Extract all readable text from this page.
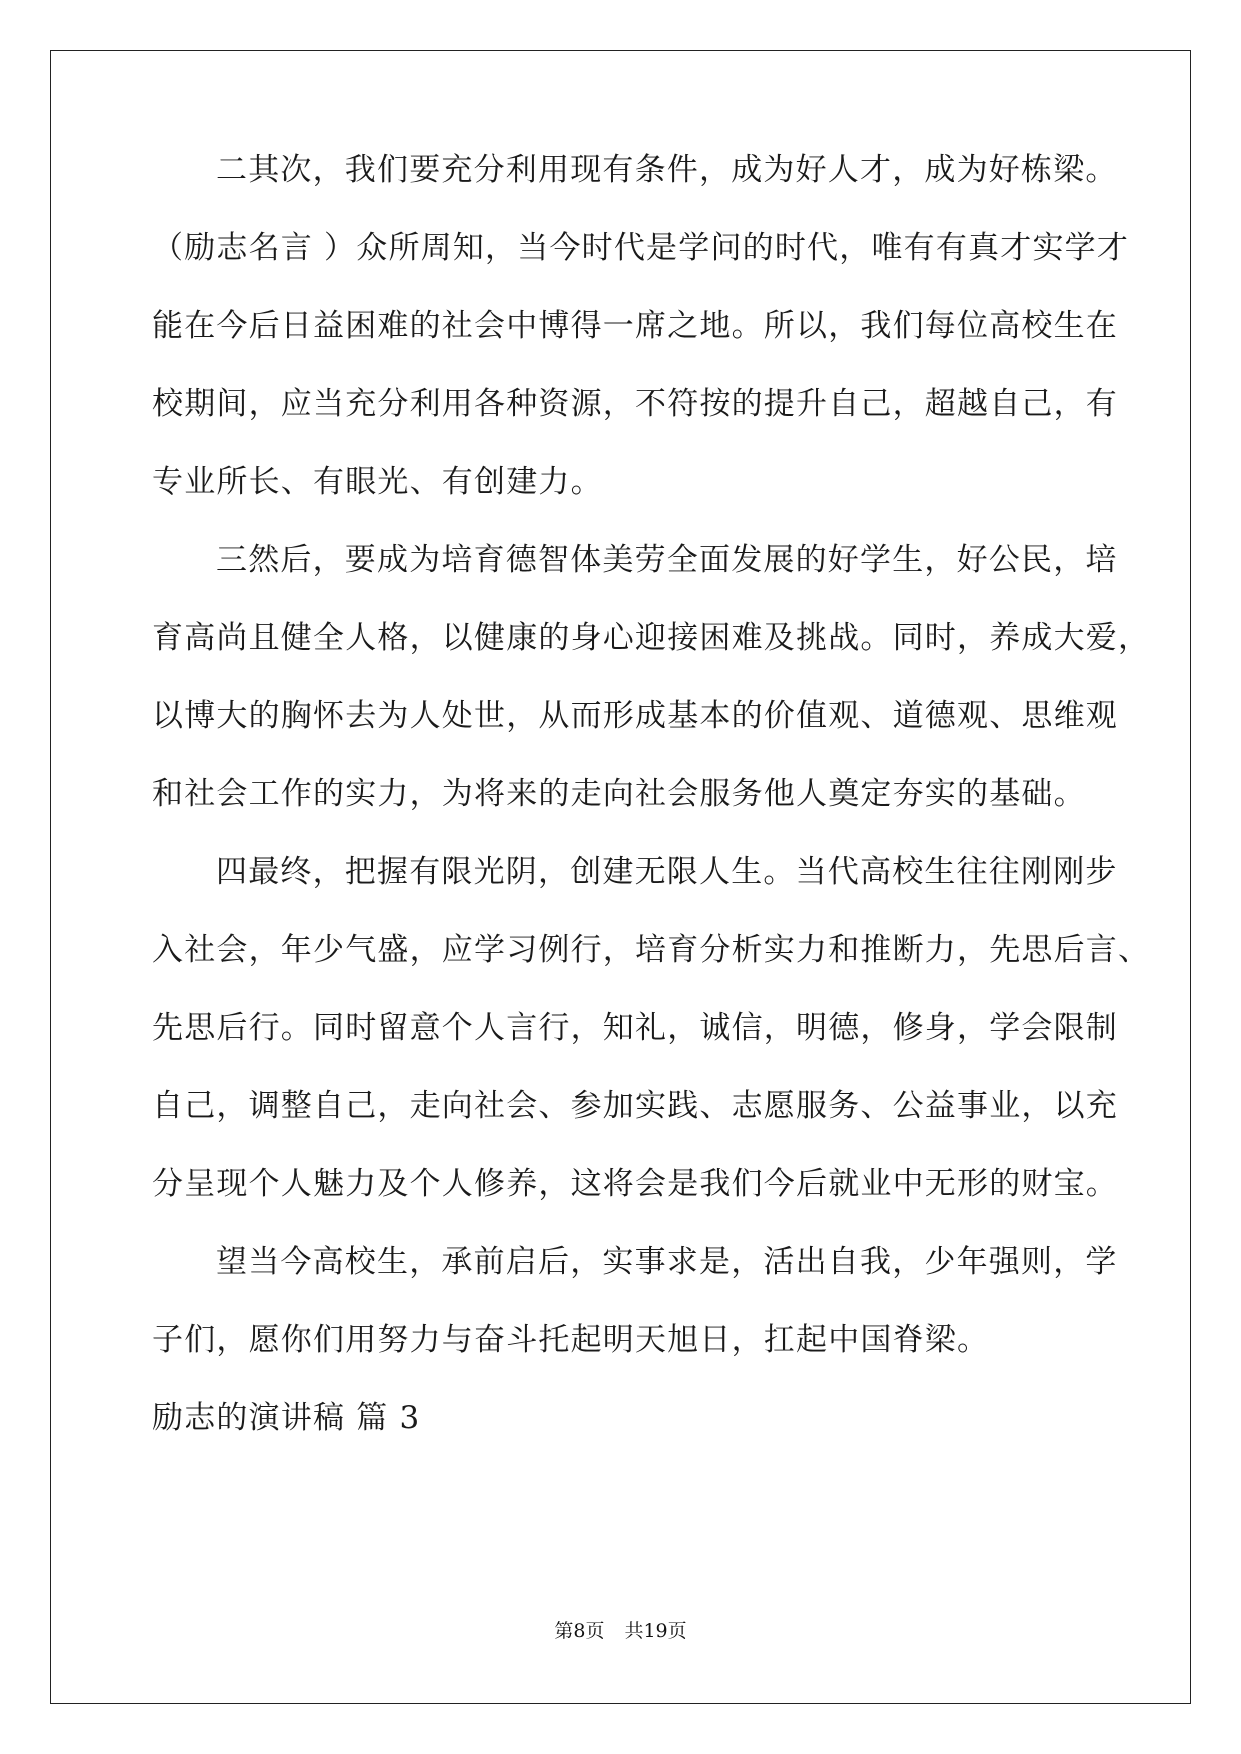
二其次，我们要充分利用现有条件，成为好人才，成为好栋梁。
（励志名言 ）众所周知，当今时代是学问的时代，唯有有真才实学才
能在今后日益困难的社会中博得一席之地。所以，我们每位高校生在
校期间，应当充分利用各种资源，不符按的提升自己，超越自己，有
专业所长、有眼光、有创建力。
三然后，要成为培育德智体美劳全面发展的好学生，好公民，培
育高尚且健全人格，以健康的身心迎接困难及挑战。同时，养成大爱，
以博大的胸怀去为人处世，从而形成基本的价值观、道德观、思维观
和社会工作的实力，为将来的走向社会服务他人奠定夯实的基础。
四最终，把握有限光阴，创建无限人生。当代高校生往往刚刚步
入社会，年少气盛，应学习例行，培育分析实力和推断力，先思后言、
先思后行。同时留意个人言行，知礼，诚信，明德，修身，学会限制
自己，调整自己，走向社会、参加实践、志愿服务、公益事业，以充
分呈现个人魅力及个人修养，这将会是我们今后就业中无形的财宝。
望当今高校生，承前启后，实事求是，活出自我，少年强则，学
子们，愿你们用努力与奋斗托起明天旭日，扛起中国脊梁。
励志的演讲稿 篇 3
第8页 共19页
